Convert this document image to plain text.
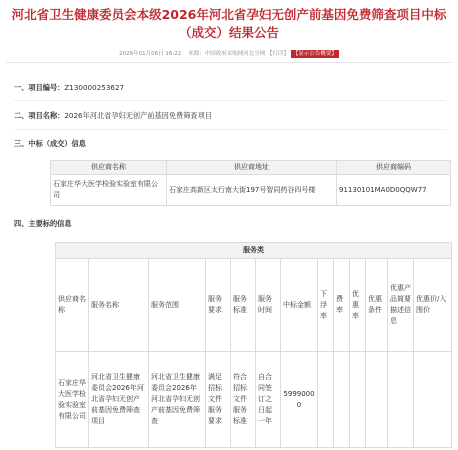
河北省卫生健康委员会本级2026年河北省孕妇无创产前基因免费筛查项目中标（成交）结果公告
2026年01月06日 16:22 来源：中国政府采购网河北分网 【打印】 【显示公告概要】
一、项目编号：Z130000253627
二、项目名称：2026年河北省孕妇无创产前基因免费筛查项目
三、中标（成交）信息
供应商名称	供应商地址	供应商编码
石家庄华大医学检验实验室有限公司	石家庄高新区太行南大街197号智同药谷四号楼	91130101MA0D0QQW77
四、主要标的信息
服务类												
供应商名称	服务名称	服务范围	服务要求	服务标准	服务时间	中标金额	下浮率	费率	优惠率	优惠条件	优惠产品简要描述信息	优惠价/入围价
石家庄华大医学检验实验室有限公司	河北省卫生健康委员会2026年河北省孕妇无创产前基因免费筛查项目	河北省卫生健康委员会2026年河北省孕妇无创产前基因免费筛查	满足招标文件服务要求	符合招标文件服务标准	自合同签订之日起一年	59990000						
